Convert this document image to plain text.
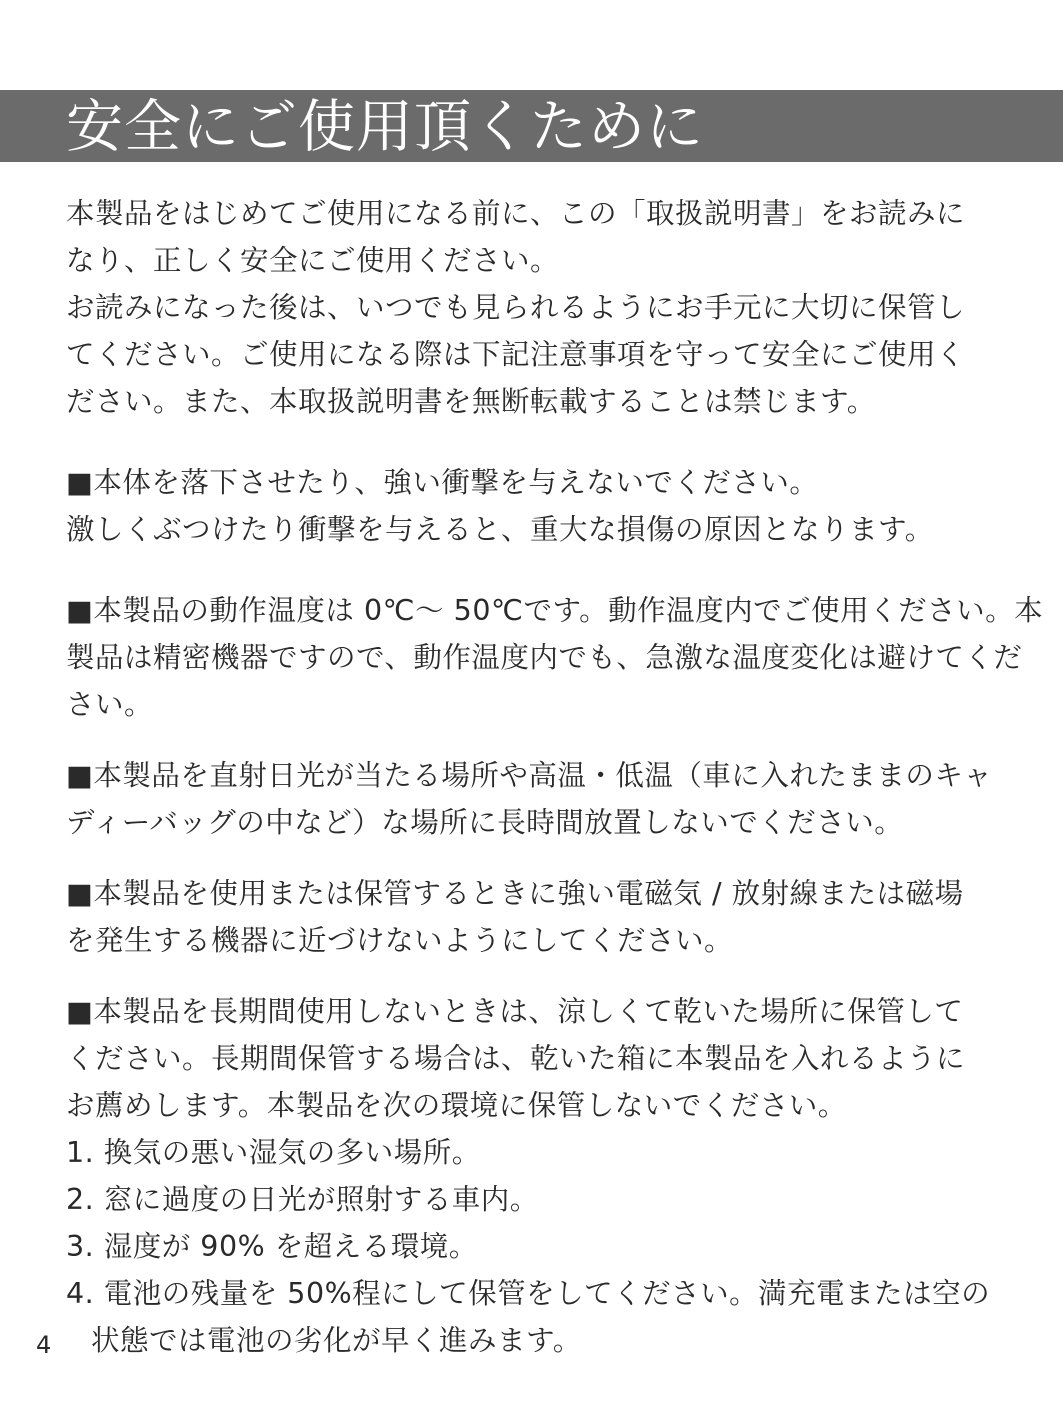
安全にご使用頂くために
本製品をはじめてご使用になる前に、この「取扱説明書」をお読みに
なり、正しく安全にご使用ください。
お読みになった後は、いつでも見られるようにお手元に大切に保管し
てください。ご使用になる際は下記注意事項を守って安全にご使用く
ださい。また、本取扱説明書を無断転載することは禁じます。
■本体を落下させたり、強い衝撃を与えないでください。
激しくぶつけたり衝撃を与えると、重大な損傷の原因となります。
■本製品の動作温度は 0℃～ 50℃です。動作温度内でご使用ください。本
製品は精密機器ですので、動作温度内でも、急激な温度変化は避けてくだ
さい。
■本製品を直射日光が当たる場所や高温・低温（車に入れたままのキャ
ディーバッグの中など）な場所に長時間放置しないでください。
■本製品を使用または保管するときに強い電磁気 / 放射線または磁場
を発生する機器に近づけないようにしてください。
■本製品を長期間使用しないときは、涼しくて乾いた場所に保管して
ください。長期間保管する場合は、乾いた箱に本製品を入れるように
お薦めします。本製品を次の環境に保管しないでください。
1. 換気の悪い湿気の多い場所。
2. 窓に過度の日光が照射する車内。
3. 湿度が 90% を超える環境。
4. 電池の残量を 50%程にして保管をしてください。満充電または空の
状態では電池の劣化が早く進みます。
4
